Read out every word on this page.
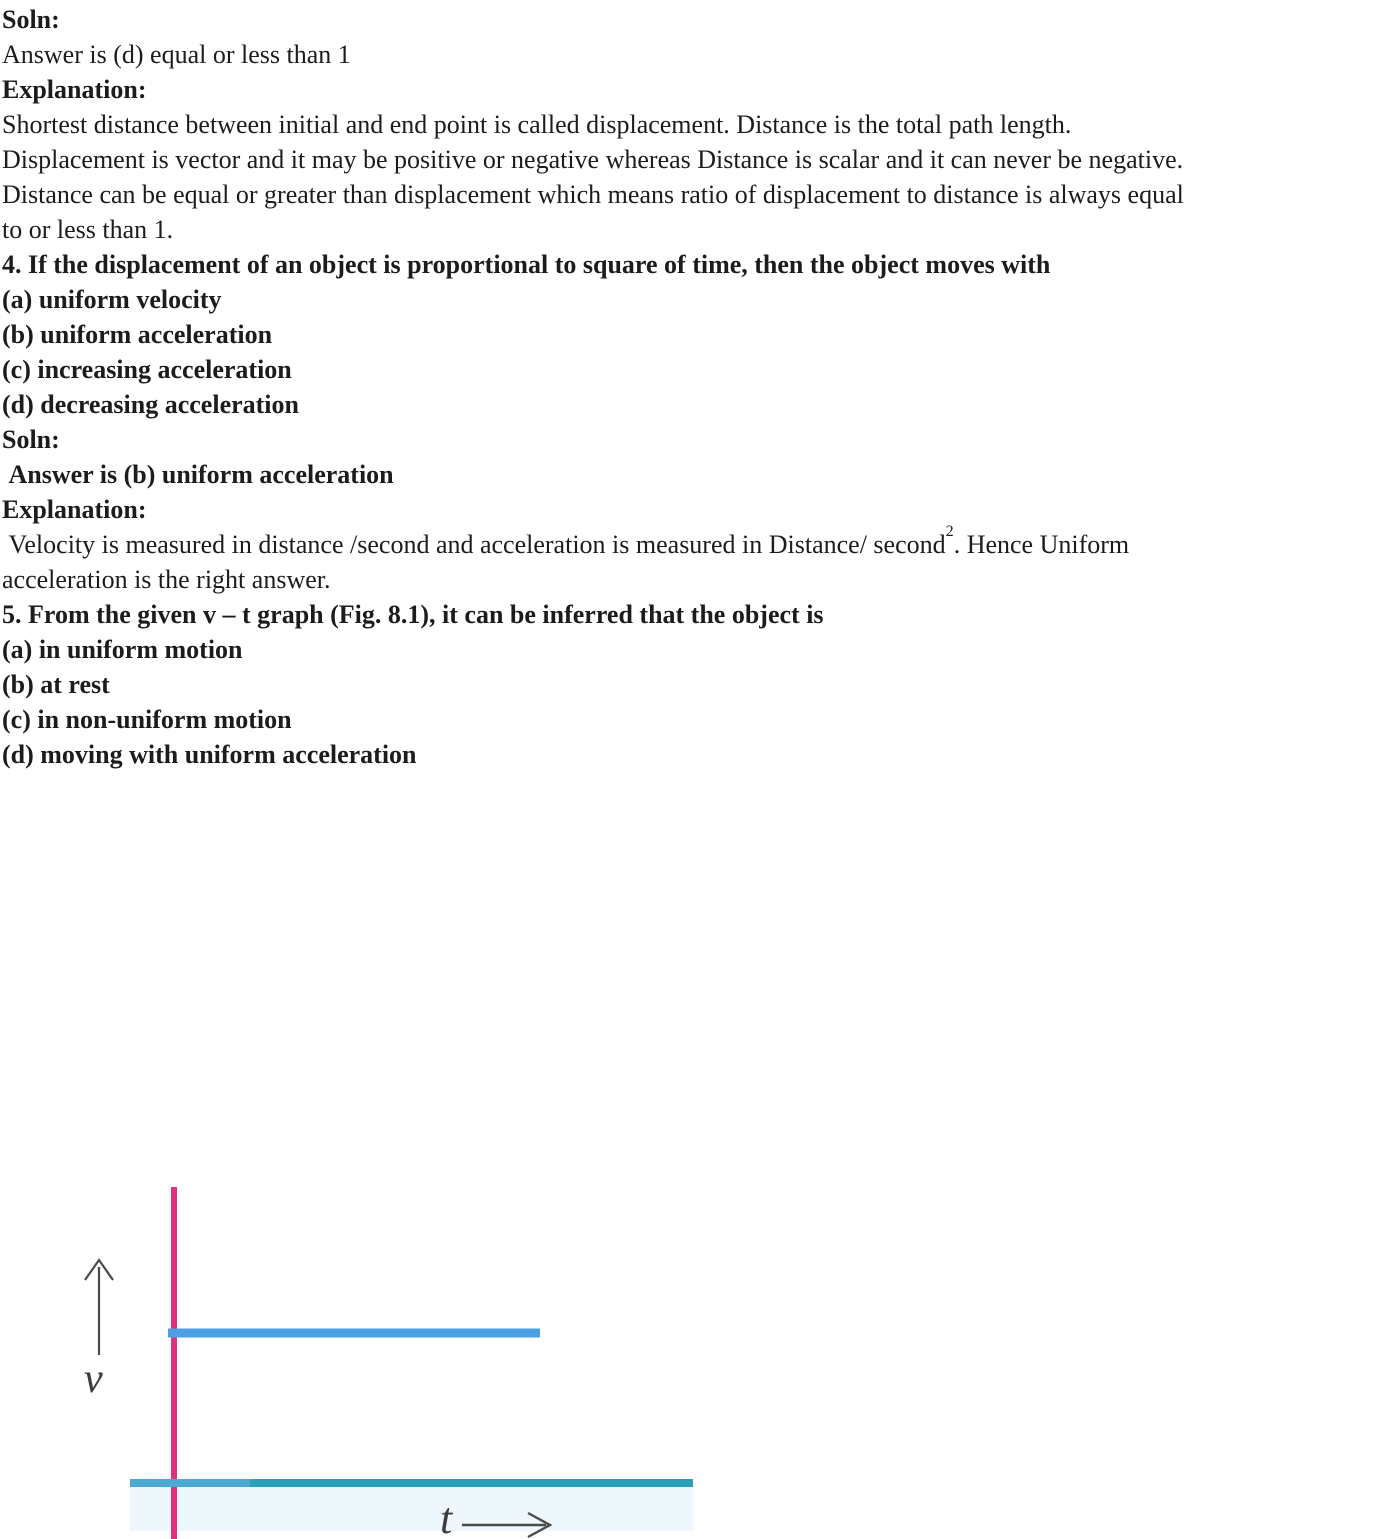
Soln:

Answer is (d) equal or less than 1

Explanation:

Shortest distance between initial and end point is called displacement. Distance is the total path length.

Displacement is vector and it may be positive or negative whereas Distance is scalar and it can never be negative.

Distance can be equal or greater than displacement which means ratio of displacement to distance is always equal

to or less than 1.

4. If the displacement of an object is proportional to square of time, then the object moves with

(a) uniform velocity

(b) uniform acceleration

(c) increasing acceleration

(d) decreasing acceleration

Soln:

Answer is (b) uniform acceleration

Explanation:

Velocity is measured in distance /second and acceleration is measured in Distance/ second$^2$. Hence Uniform

acceleration is the right answer.

5. From the given v – t graph (Fig. 8.1), it can be inferred that the object is

(a) in uniform motion

(b) at rest

(c) in non-uniform motion

(d) moving with uniform acceleration

v
t
